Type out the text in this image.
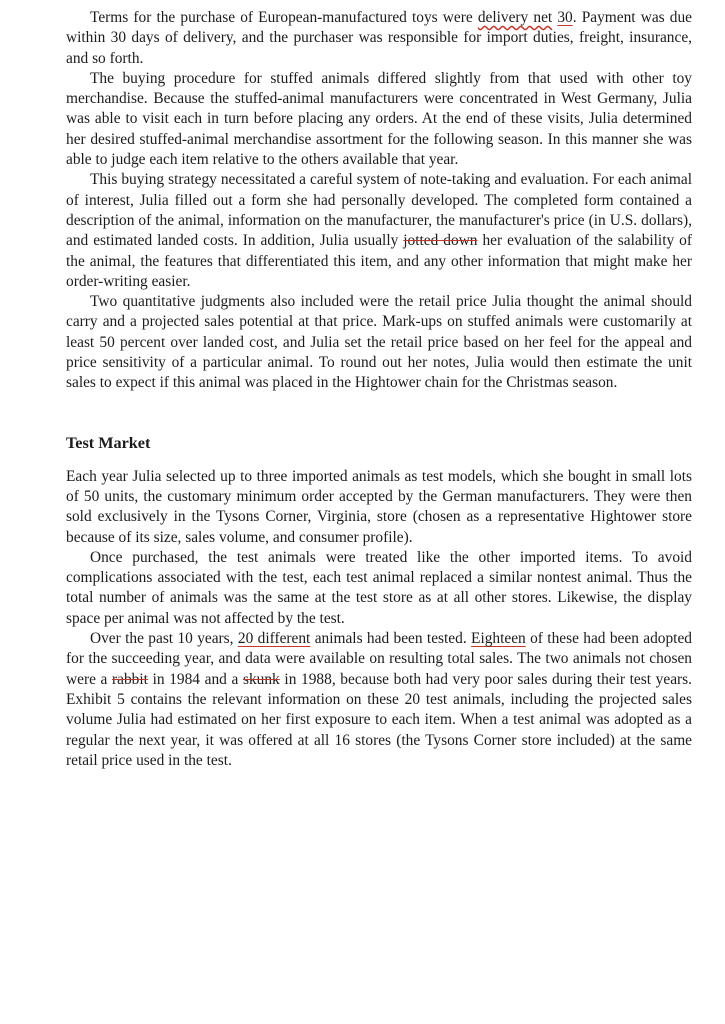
Terms for the purchase of European-manufactured toys were delivery net 30. Payment was due within 30 days of delivery, and the purchaser was responsible for import duties, freight, insurance, and so forth.

The buying procedure for stuffed animals differed slightly from that used with other toy merchandise. Because the stuffed-animal manufacturers were concentrated in West Germany, Julia was able to visit each in turn before placing any orders. At the end of these visits, Julia determined her desired stuffed-animal merchandise assortment for the following season. In this manner she was able to judge each item relative to the others available that year.

This buying strategy necessitated a careful system of note-taking and evaluation. For each animal of interest, Julia filled out a form she had personally developed. The completed form contained a description of the animal, information on the manufacturer, the manufacturer's price (in U.S. dollars), and estimated landed costs. In addition, Julia usually jotted down her evaluation of the salability of the animal, the features that differentiated this item, and any other information that might make her order-writing easier.

Two quantitative judgments also included were the retail price Julia thought the animal should carry and a projected sales potential at that price. Mark-ups on stuffed animals were customarily at least 50 percent over landed cost, and Julia set the retail price based on her feel for the appeal and price sensitivity of a particular animal. To round out her notes, Julia would then estimate the unit sales to expect if this animal was placed in the Hightower chain for the Christmas season.

Test Market

Each year Julia selected up to three imported animals as test models, which she bought in small lots of 50 units, the customary minimum order accepted by the German manufacturers. They were then sold exclusively in the Tysons Corner, Virginia, store (chosen as a representative Hightower store because of its size, sales volume, and consumer profile).

Once purchased, the test animals were treated like the other imported items. To avoid complications associated with the test, each test animal replaced a similar nontest animal. Thus the total number of animals was the same at the test store as at all other stores. Likewise, the display space per animal was not affected by the test.

Over the past 10 years, 20 different animals had been tested. Eighteen of these had been adopted for the succeeding year, and data were available on resulting total sales. The two animals not chosen were a rabbit in 1984 and a skunk in 1988, because both had very poor sales during their test years. Exhibit 5 contains the relevant information on these 20 test animals, including the projected sales volume Julia had estimated on her first exposure to each item. When a test animal was adopted as a regular the next year, it was offered at all 16 stores (the Tysons Corner store included) at the same retail price used in the test.
